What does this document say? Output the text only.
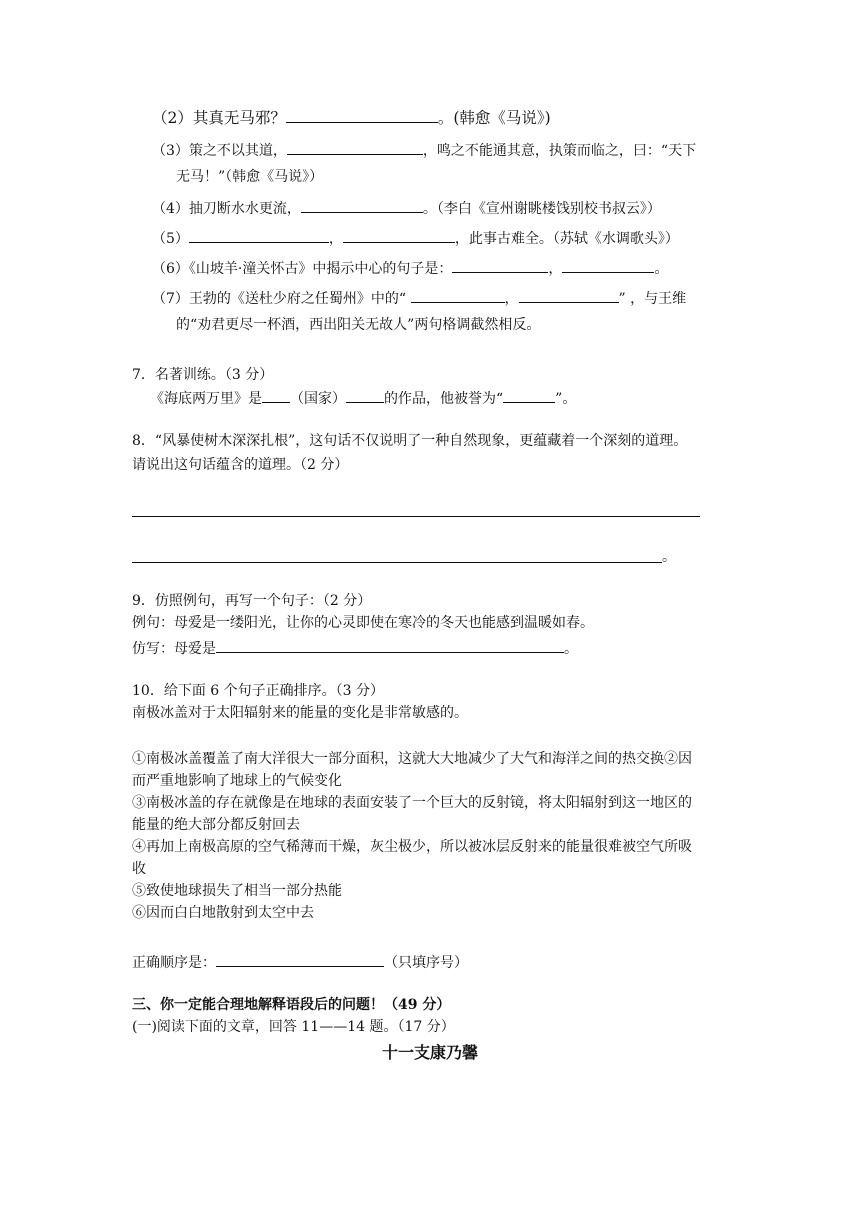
（2）其真无马邪？	。(韩愈《马说》)
（3）策之不以其道，	，鸣之不能通其意，执策而临之，曰：“天下
无马！”（韩愈《马说》）
（4）抽刀断水水更流，	。（李白《宣州谢眺楼饯别校书叔云》）
（5）	，	，此事古难全。（苏轼《水调歌头》）
（6）《山坡羊·潼关怀古》中揭示中心的句子是：	，	。
（7）王勃的《送杜少府之任蜀州》中的“	，	” ，与王维
的“劝君更尽一杯酒，西出阳关无故人”两句格调截然相反。
7．名著训练。（3 分）
《海底两万里》是 （国家）	的作品，他被誉为“	”。
8．“风暴使树木深深扎根”，这句话不仅说明了一种自然现象，更蕴藏着一个深刻的道理。
请说出这句话蕴含的道理。（2 分）
。
9．仿照例句，再写一个句子：（2 分）
例句：母爱是一缕阳光，让你的心灵即使在寒冷的冬天也能感到温暖如春。
仿写：母爱是	。
10．给下面 6 个句子正确排序。（3 分）
南极冰盖对于太阳辐射来的能量的变化是非常敏感的。
①南极冰盖覆盖了南大洋很大一部分面积，这就大大地减少了大气和海洋之间的热交换②因
而严重地影响了地球上的气候变化
③南极冰盖的存在就像是在地球的表面安装了一个巨大的反射镜，将太阳辐射到这一地区的
能量的绝大部分都反射回去
④再加上南极高原的空气稀薄而干燥，灰尘极少，所以被冰层反射来的能量很难被空气所吸
收
⑤致使地球损失了相当一部分热能
⑥因而白白地散射到太空中去
正确顺序是：	（只填序号）
三、你一定能合理地解释语段后的问题！（49 分）
(一)阅读下面的文章，回答 11——14 题。（17 分）
十一支康乃馨
